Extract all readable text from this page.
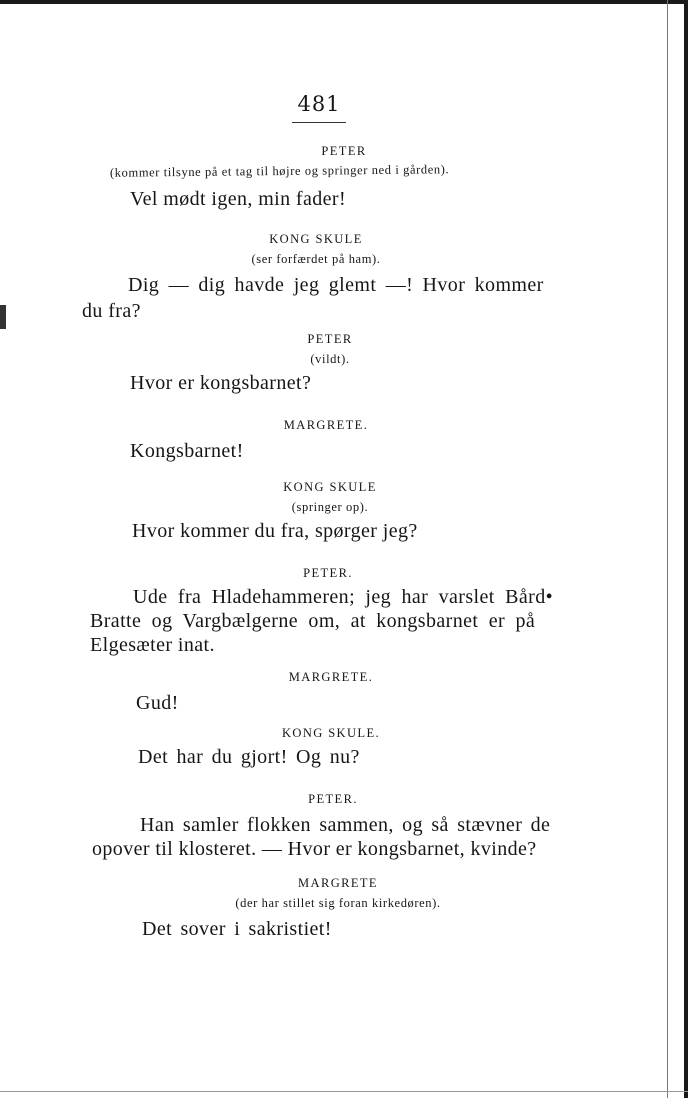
481
PETER
(kommer tilsyne på et tag til højre og springer ned i gården).
Vel mødt igen, min fader!
KONG SKULE
(ser forfærdet på ham).
Dig — dig havde jeg glemt —! Hvor kommer
du fra?
PETER
(vildt).
Hvor er kongsbarnet?
MARGRETE.
Kongsbarnet!
KONG SKULE
(springer op).
Hvor kommer du fra, spørger jeg?
PETER.
Ude fra Hladehammeren; jeg har varslet Bård•
Bratte og Vargbælgerne om, at kongsbarnet er på
Elgesæter inat.
MARGRETE.
Gud!
KONG SKULE.
Det har du gjort! Og nu?
PETER.
Han samler flokken sammen, og så stævner de
opover til klosteret. — Hvor er kongsbarnet, kvinde?
MARGRETE
(der har stillet sig foran kirkedøren).
Det sover i sakristiet!
